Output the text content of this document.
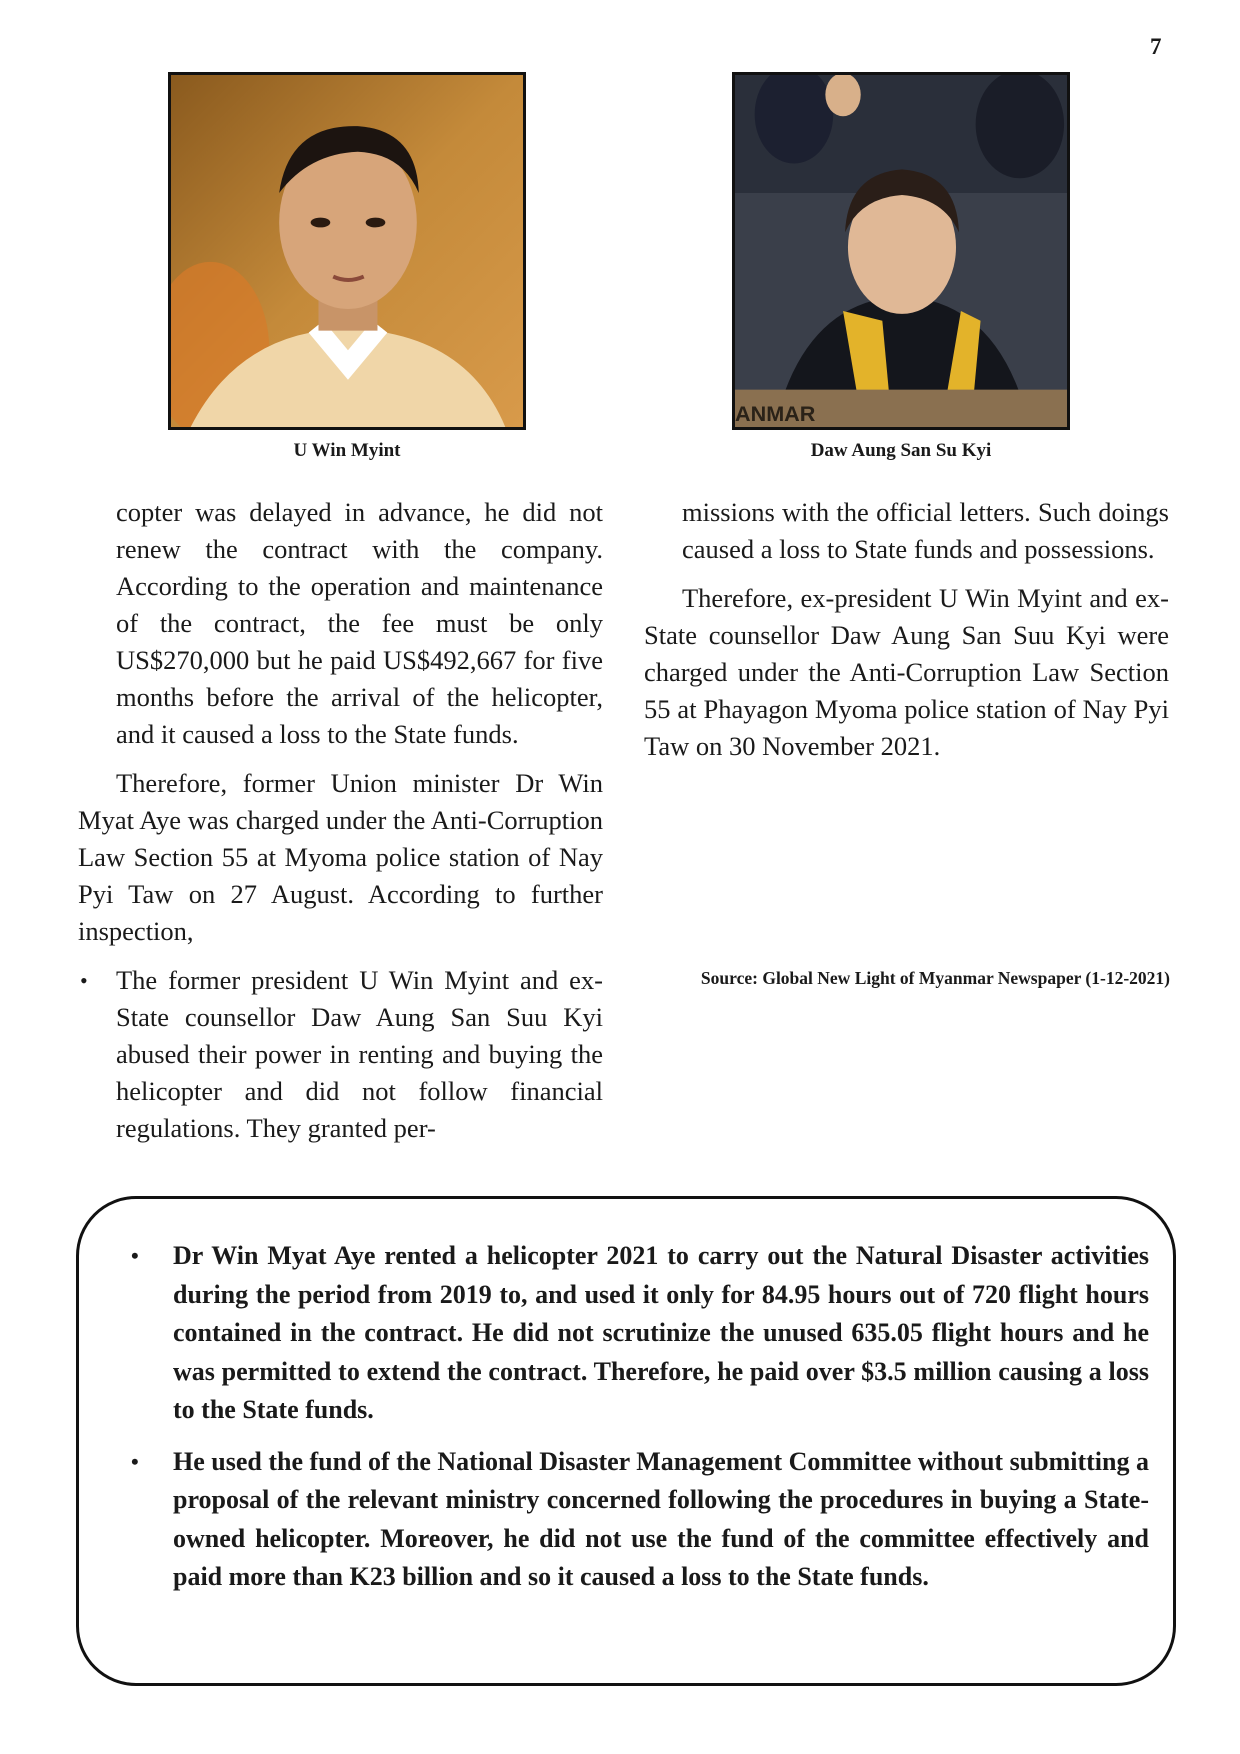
7
U Win Myint
ANMAR
Daw Aung San Su Kyi

copter was delayed in advance, he did not renew the contract with the company. According to the operation and maintenance of the contract, the fee must be only US$270,000 but he paid US$492,667 for five months before the arrival of the helicopter, and it caused a loss to the State funds.

Therefore, former Union minister Dr Win Myat Aye was charged under the Anti-Corruption Law Section 55 at Myoma police station of Nay Pyi Taw on 27 August. According to further inspection,

• The former president U Win Myint and ex-State counsellor Daw Aung San Suu Kyi abused their power in renting and buying the helicopter and did not follow financial regulations. They granted per-

missions with the official letters. Such doings caused a loss to State funds and possessions.

Therefore, ex-president U Win Myint and ex-State counsellor Daw Aung San Suu Kyi were charged under the Anti-Corruption Law Section 55 at Phayagon Myoma police station of Nay Pyi Taw on 30 November 2021.

Source: Global New Light of Myanmar Newspaper (1-12-2021)
• Dr Win Myat Aye rented a helicopter 2021 to carry out the Natural Disaster activities during the period from 2019 to, and used it only for 84.95 hours out of 720 flight hours contained in the contract. He did not scrutinize the unused 635.05 flight hours and he was permitted to extend the contract. Therefore, he paid over $3.5 million causing a loss to the State funds.
• He used the fund of the National Disaster Management Committee without submitting a proposal of the relevant ministry concerned following the procedures in buying a State-owned helicopter. Moreover, he did not use the fund of the committee effectively and paid more than K23 billion and so it caused a loss to the State funds.
